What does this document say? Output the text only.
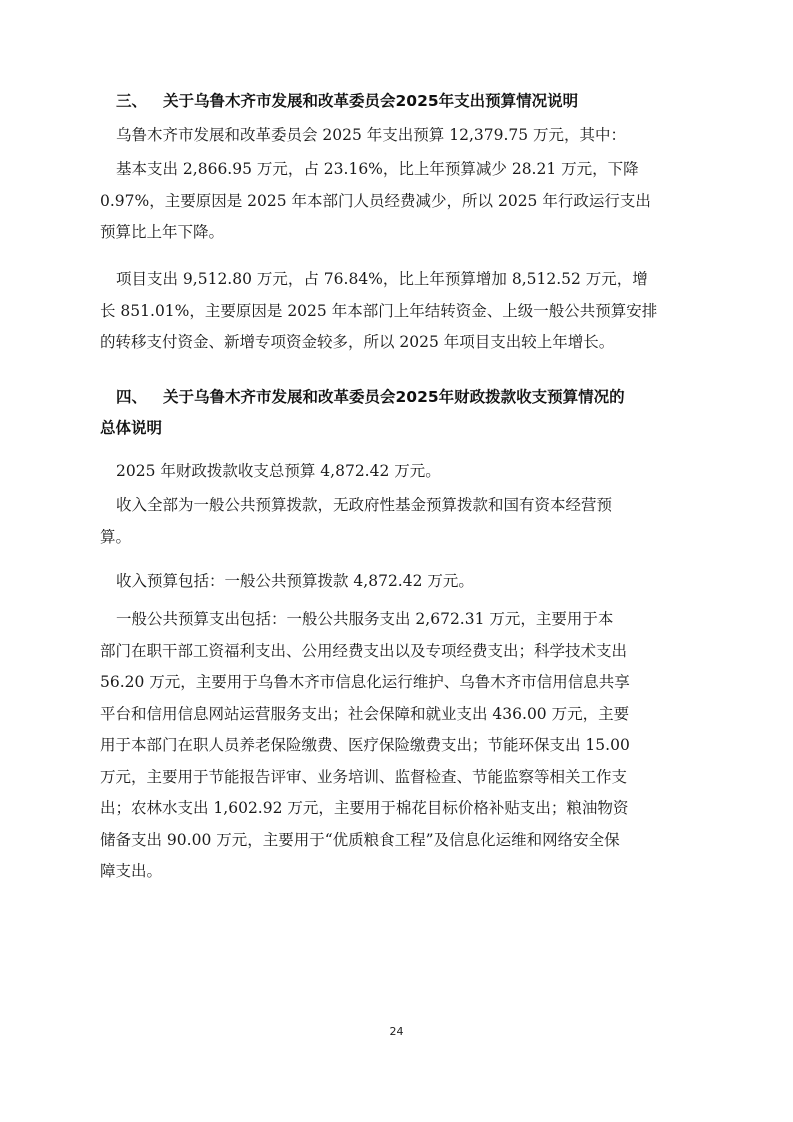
三、 关于乌鲁木齐市发展和改革委员会2025年支出预算情况说明

乌鲁木齐市发展和改革委员会 2025 年支出预算 12,379.75 万元，其中：

基本支出 2,866.95 万元，占 23.16%，比上年预算减少 28.21 万元，下降
0.97%，主要原因是 2025 年本部门人员经费减少，所以 2025 年行政运行支出
预算比上年下降。

项目支出 9,512.80 万元，占 76.84%，比上年预算增加 8,512.52 万元，增
长 851.01%，主要原因是 2025 年本部门上年结转资金、上级一般公共预算安排
的转移支付资金、新增专项资金较多，所以 2025 年项目支出较上年增长。

四、 关于乌鲁木齐市发展和改革委员会2025年财政拨款收支预算情况的
总体说明

2025 年财政拨款收支总预算 4,872.42 万元。

收入全部为一般公共预算拨款，无政府性基金预算拨款和国有资本经营预
算。

收入预算包括：一般公共预算拨款 4,872.42 万元。

一般公共预算支出包括：一般公共服务支出 2,672.31 万元，主要用于本
部门在职干部工资福利支出、公用经费支出以及专项经费支出；科学技术支出
56.20 万元，主要用于乌鲁木齐市信息化运行维护、乌鲁木齐市信用信息共享
平台和信用信息网站运营服务支出；社会保障和就业支出 436.00 万元，主要
用于本部门在职人员养老保险缴费、医疗保险缴费支出；节能环保支出 15.00
万元，主要用于节能报告评审、业务培训、监督检查、节能监察等相关工作支
出；农林水支出 1,602.92 万元，主要用于棉花目标价格补贴支出；粮油物资
储备支出 90.00 万元，主要用于“优质粮食工程”及信息化运维和网络安全保
障支出。

24
